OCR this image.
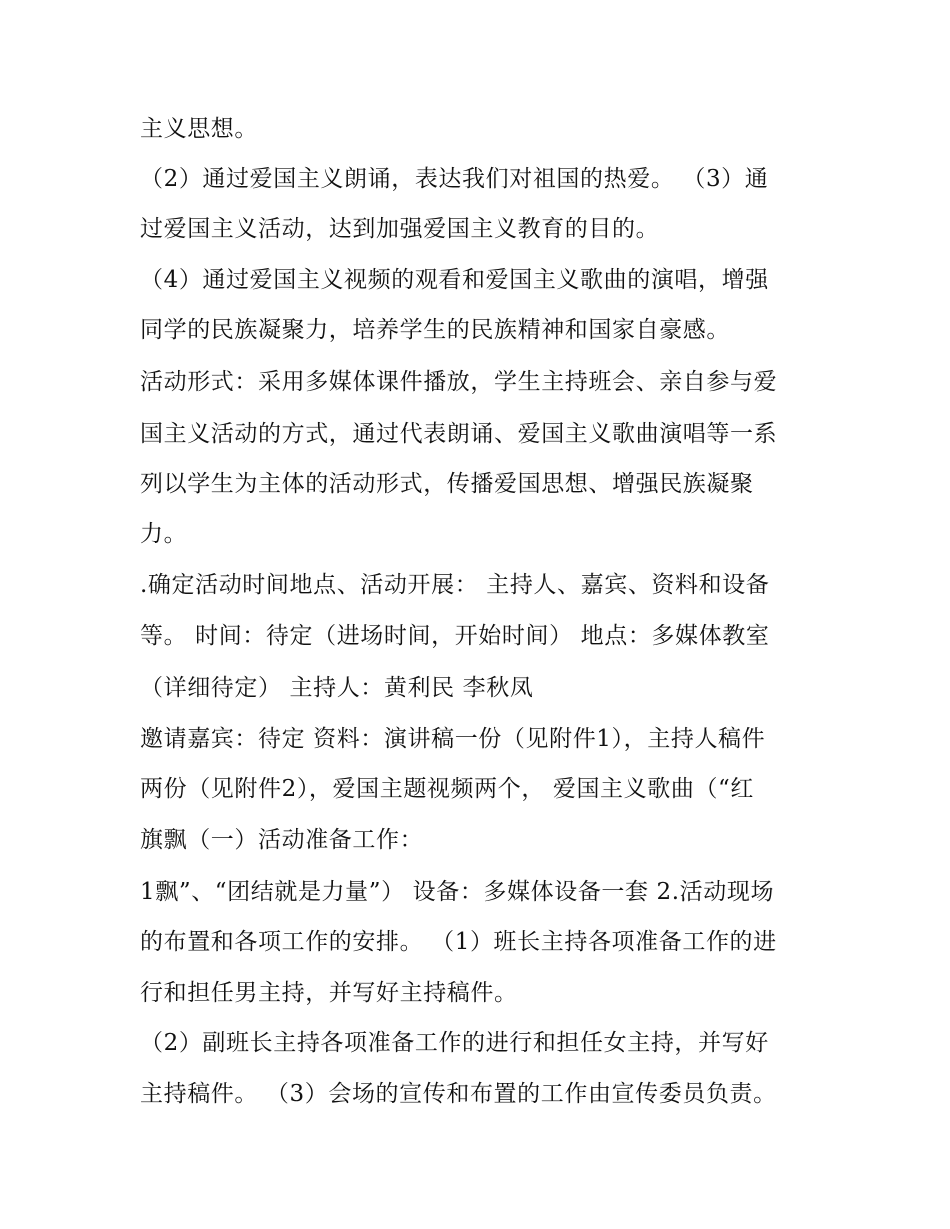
主义思想。
（2）通过爱国主义朗诵，表达我们对祖国的热爱。 （3）通
过爱国主义活动，达到加强爱国主义教育的目的。
（4）通过爱国主义视频的观看和爱国主义歌曲的演唱，增强
同学的民族凝聚力，培养学生的民族精神和国家自豪感。
活动形式：采用多媒体课件播放，学生主持班会、亲自参与爱
国主义活动的方式，通过代表朗诵、爱国主义歌曲演唱等一系
列以学生为主体的活动形式，传播爱国思想、增强民族凝聚
力。
.确定活动时间地点、活动开展： 主持人、嘉宾、资料和设备
等。 时间：待定（进场时间，开始时间） 地点：多媒体教室
（详细待定） 主持人：黄利民 李秋凤
邀请嘉宾：待定 资料：演讲稿一份（见附件1），主持人稿件
两份（见附件2），爱国主题视频两个， 爱国主义歌曲（“红
旗飘（一）活动准备工作：
1飘”、“团结就是力量”） 设备：多媒体设备一套 2.活动现场
的布置和各项工作的安排。 （1）班长主持各项准备工作的进
行和担任男主持，并写好主持稿件。
（2）副班长主持各项准备工作的进行和担任女主持，并写好
主持稿件。 （3）会场的宣传和布置的工作由宣传委员负责。
